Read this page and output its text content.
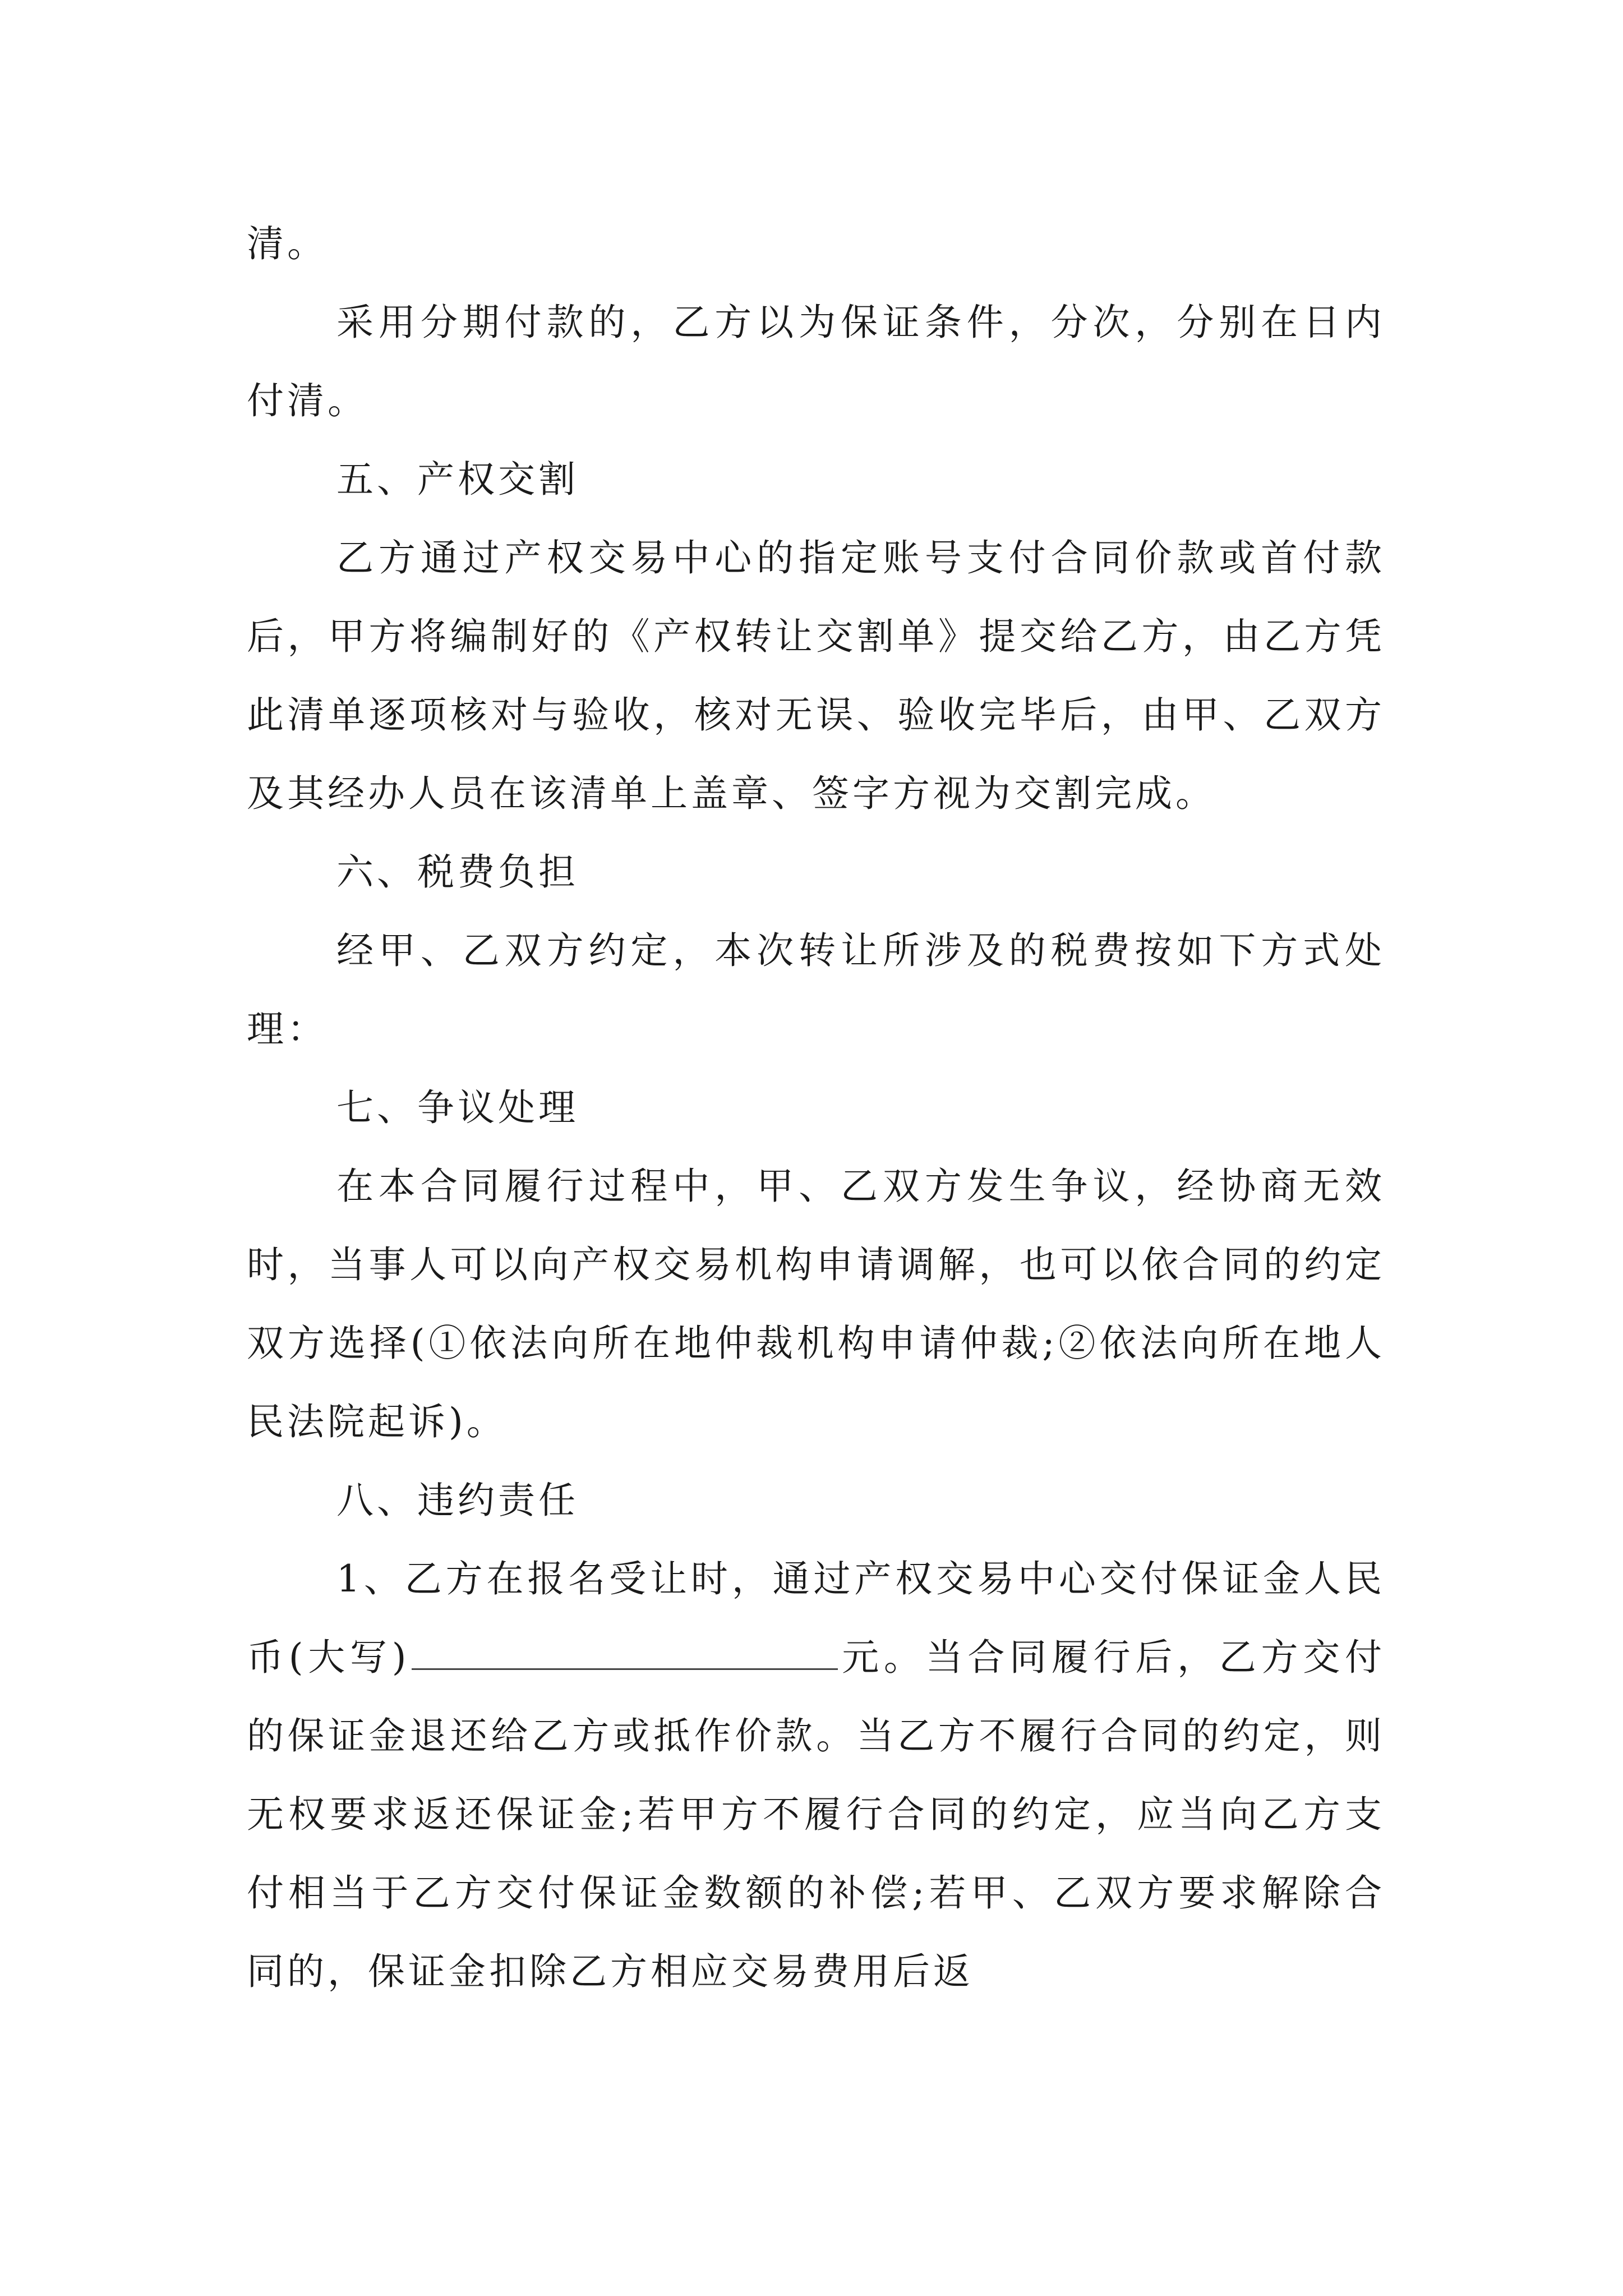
清。

采用分期付款的，乙方以为保证条件，分次，分别在日内付清。

五、产权交割

乙方通过产权交易中心的指定账号支付合同价款或首付款后，甲方将编制好的《产权转让交割单》提交给乙方，由乙方凭此清单逐项核对与验收，核对无误、验收完毕后，由甲、乙双方及其经办人员在该清单上盖章、签字方视为交割完成。

六、税费负担

经甲、乙双方约定，本次转让所涉及的税费按如下方式处理：

七、争议处理

在本合同履行过程中，甲、乙双方发生争议，经协商无效时，当事人可以向产权交易机构申请调解，也可以依合同的约定双方选择(①依法向所在地仲裁机构申请仲裁;②依法向所在地人民法院起诉)。

八、违约责任

1、乙方在报名受让时，通过产权交易中心交付保证金人民币(大写)	元。当合同履行后，乙方交付的保证金退还给乙方或抵作价款。当乙方不履行合同的约定，则无权要求返还保证金;若甲方不履行合同的约定，应当向乙方支付相当于乙方交付保证金数额的补偿;若甲、乙双方要求解除合同的，保证金扣除乙方相应交易费用后返
